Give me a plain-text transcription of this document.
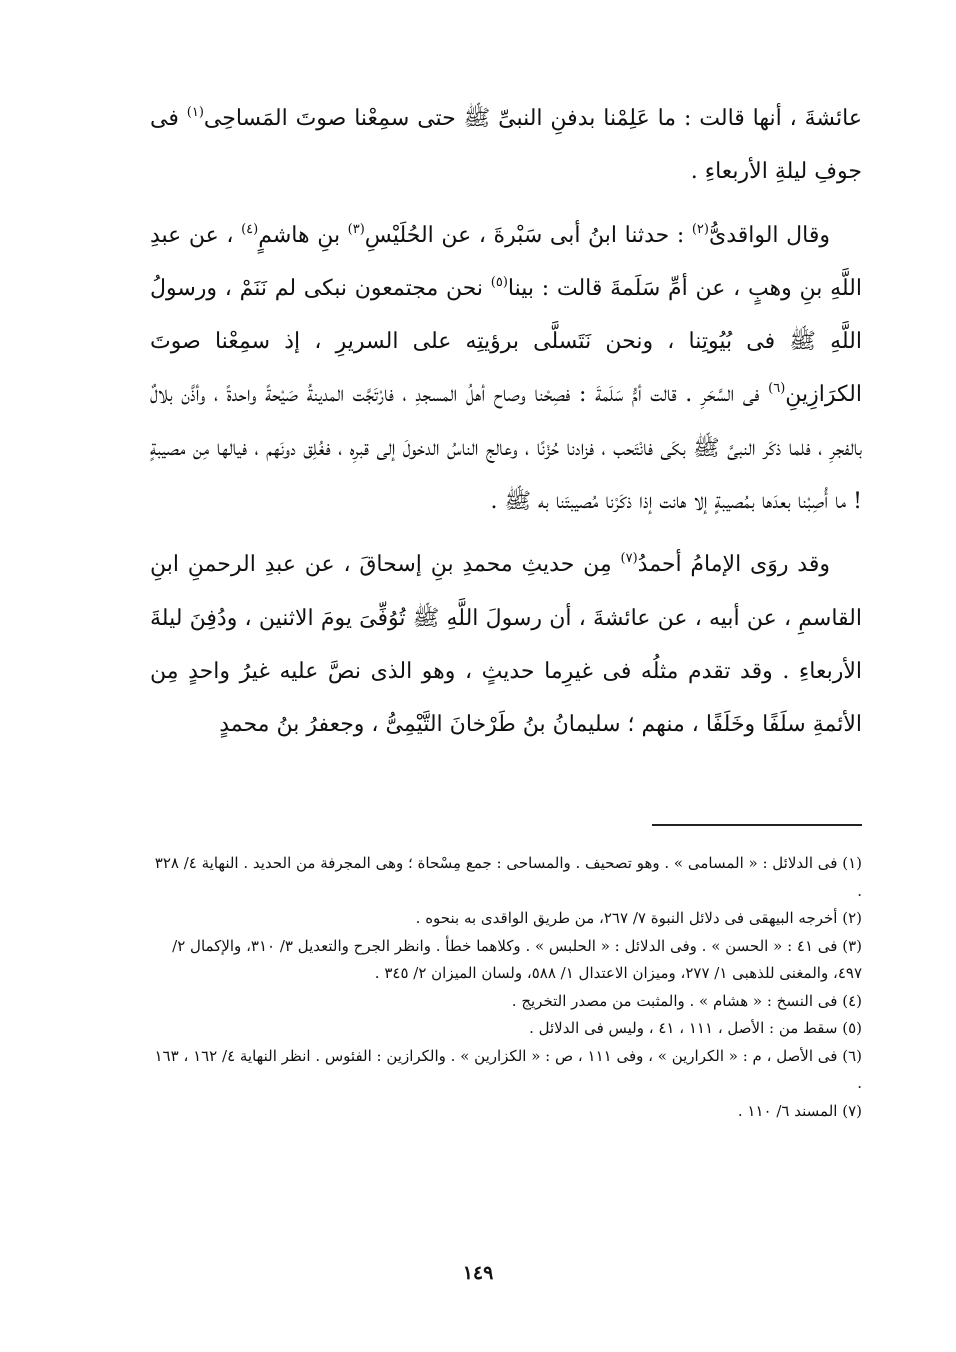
عائشةَ ، أنها قالت : ما عَلِمْنا بدفنِ النبىِّ ﷺ حتى سمِعْنا صوتَ المَساحِى$^{(١)}$ فى جوفِ ليلةِ الأربعاءِ .

وقال الواقدىُّ$^{(٢)}$ : حدثنا ابنُ أبى سَبْرةَ ، عن الحُلَيْسِ$^{(٣)}$ بنِ هاشمٍ$^{(٤)}$ ، عن عبدِ اللَّهِ بنِ وهبٍ ، عن أمِّ سَلَمةَ قالت : بينا$^{(٥)}$ نحن مجتمعون نبكى لم نَنَمْ ، ورسولُ اللَّهِ ﷺ فى بُيُوتِنا ، ونحن نَتَسلَّى برؤيتِه على السريرِ ، إذ سمِعْنا صوتَ الكرَازِينِ$^{(٦)}$ فى السَّحَرِ . قالت أمُّ سَلَمةَ : فصِحْنا وصاح أهلُ المسجدِ ، فارْتَجَّت المدينةُ صَيْحةً واحدةً ، وأذَّن بلالٌ بالفجرِ ، فلما ذكَر النبىَّ ﷺ بكَى فانْتَحب ، فزادنا حُزْنًا ، وعالج الناسُ الدخولَ إلى قبرِه ، فغُلِق دونَهم ، فيالها مِن مصيبةٍ ! ما أُصِبْنا بعدَها بمُصيبةٍ إلا هانت إذا ذكَرْنا مُصيبتَنا به ﷺ .

وقد روَى الإمامُ أحمدُ$^{(٧)}$ مِن حديثِ محمدِ بنِ إسحاقَ ، عن عبدِ الرحمنِ ابنِ القاسمِ ، عن أبيه ، عن عائشةَ ، أن رسولَ اللَّهِ ﷺ تُوُفِّىَ يومَ الاثنين ، ودُفِنَ ليلةَ الأربعاءِ . وقد تقدم مثلُه فى غيرِما حديثٍ ، وهو الذى نصَّ عليه غيرُ واحدٍ مِن الأئمةِ سلَفًا وخَلَفًا ، منهم ؛ سليمانُ بنُ طَرْخانَ التَّيْمِىُّ ، وجعفرُ بنُ محمدٍ

(١) فى الدلائل : « المسامى » . وهو تصحيف . والمساحى : جمع مِسْحاة ؛ وهى المجرفة من الحديد . النهاية ٤/ ٣٢٨ .

(٢) أخرجه البيهقى فى دلائل النبوة ٧/ ٢٦٧، من طريق الواقدى به بنحوه .

(٣) فى ٤١ : « الحسن » . وفى الدلائل : « الحلبس » . وكلاهما خطأ . وانظر الجرح والتعديل ٣/ ٣١٠، والإكمال ٢/ ٤٩٧، والمغنى للذهبى ١/ ٢٧٧، وميزان الاعتدال ١/ ٥٨٨، ولسان الميزان ٢/ ٣٤٥ .

(٤) فى النسخ : « هشام » . والمثبت من مصدر التخريج .

(٥) سقط من : الأصل ، ١١١ ، ٤١ ، وليس فى الدلائل .

(٦) فى الأصل ، م : « الكرارين » ، وفى ١١١ ، ص : « الكزارين » . والكرازين : الفئوس . انظر النهاية ٤/ ١٦٢ ، ١٦٣ .

(٧) المسند ٦/ ١١٠ .

١٤٩
